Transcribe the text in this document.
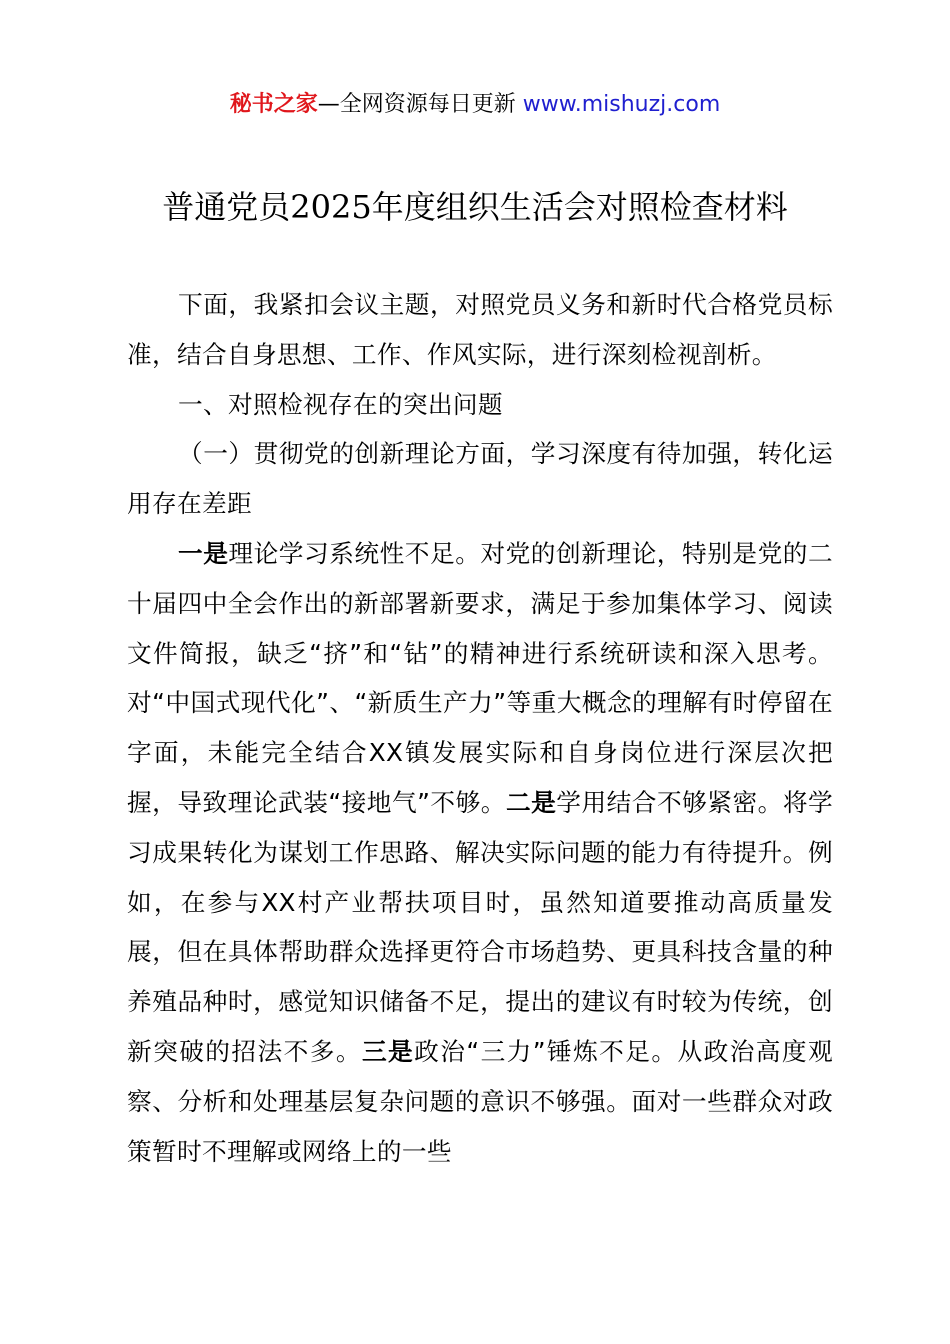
秘书之家—全网资源每日更新 www.mishuzj.com
普通党员2025年度组织生活会对照检查材料

下面，我紧扣会议主题，对照党员义务和新时代合格党员标准，结合自身思想、工作、作风实际，进行深刻检视剖析。

一、对照检视存在的突出问题

（一）贯彻党的创新理论方面，学习深度有待加强，转化运用存在差距

一是理论学习系统性不足。对党的创新理论，特别是党的二十届四中全会作出的新部署新要求，满足于参加集体学习、阅读文件简报，缺乏“挤”和“钻”的精神进行系统研读和深入思考。对“中国式现代化”、“新质生产力”等重大概念的理解有时停留在字面，未能完全结合XX镇发展实际和自身岗位进行深层次把握，导致理论武装“接地气”不够。二是学用结合不够紧密。将学习成果转化为谋划工作思路、解决实际问题的能力有待提升。例如，在参与XX村产业帮扶项目时，虽然知道要推动高质量发展，但在具体帮助群众选择更符合市场趋势、更具科技含量的种养殖品种时，感觉知识储备不足，提出的建议有时较为传统，创新突破的招法不多。三是政治“三力”锤炼不足。从政治高度观察、分析和处理基层复杂问题的意识不够强。面对一些群众对政策暂时不理解或网络上的一些
